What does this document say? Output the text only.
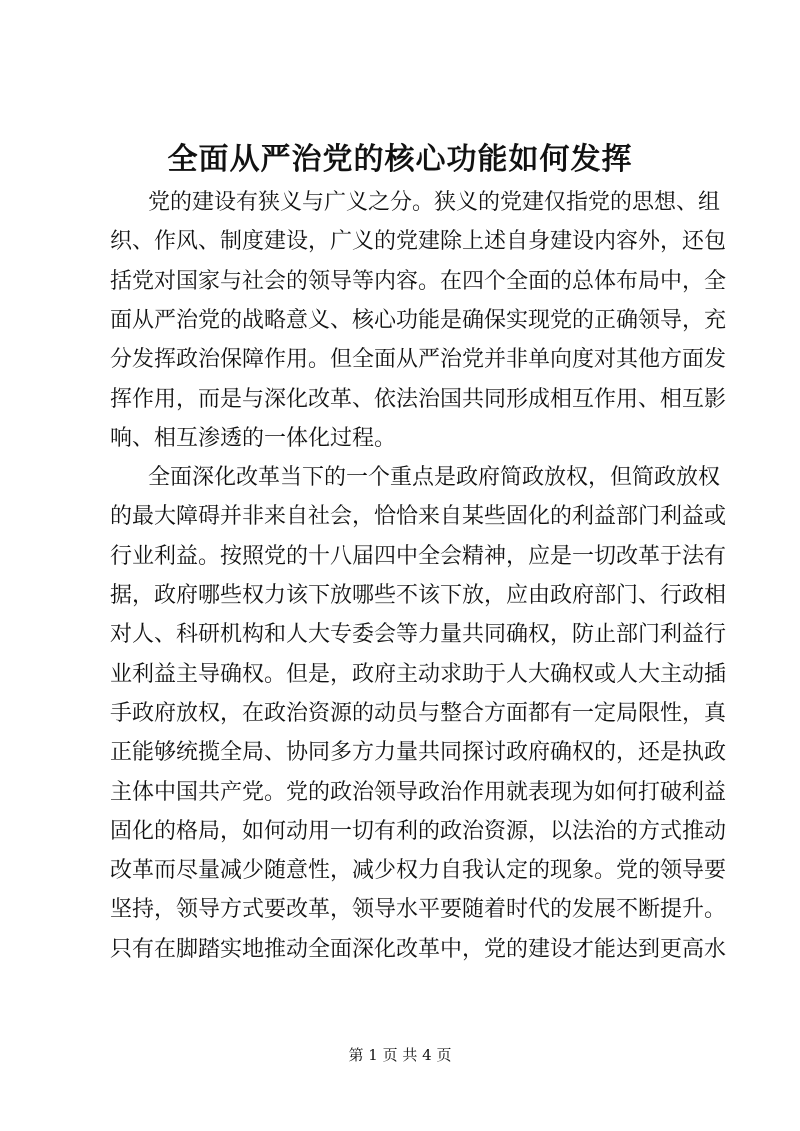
全面从严治党的核心功能如何发挥
党的建设有狭义与广义之分。狭义的党建仅指党的思想、组
织、作风、制度建设，广义的党建除上述自身建设内容外，还包
括党对国家与社会的领导等内容。在四个全面的总体布局中，全
面从严治党的战略意义、核心功能是确保实现党的正确领导，充
分发挥政治保障作用。但全面从严治党并非单向度对其他方面发
挥作用，而是与深化改革、依法治国共同形成相互作用、相互影
响、相互渗透的一体化过程。
全面深化改革当下的一个重点是政府简政放权，但简政放权
的最大障碍并非来自社会，恰恰来自某些固化的利益部门利益或
行业利益。按照党的十八届四中全会精神，应是一切改革于法有
据，政府哪些权力该下放哪些不该下放，应由政府部门、行政相
对人、科研机构和人大专委会等力量共同确权，防止部门利益行
业利益主导确权。但是，政府主动求助于人大确权或人大主动插
手政府放权，在政治资源的动员与整合方面都有一定局限性，真
正能够统揽全局、协同多方力量共同探讨政府确权的，还是执政
主体中国共产党。党的政治领导政治作用就表现为如何打破利益
固化的格局，如何动用一切有利的政治资源，以法治的方式推动
第 1 页 共 4 页
改革而尽量减少随意性，减少权力自我认定的现象。党的领导要
坚持，领导方式要改革，领导水平要随着时代的发展不断提升。
只有在脚踏实地推动全面深化改革中，党的建设才能达到更高水
